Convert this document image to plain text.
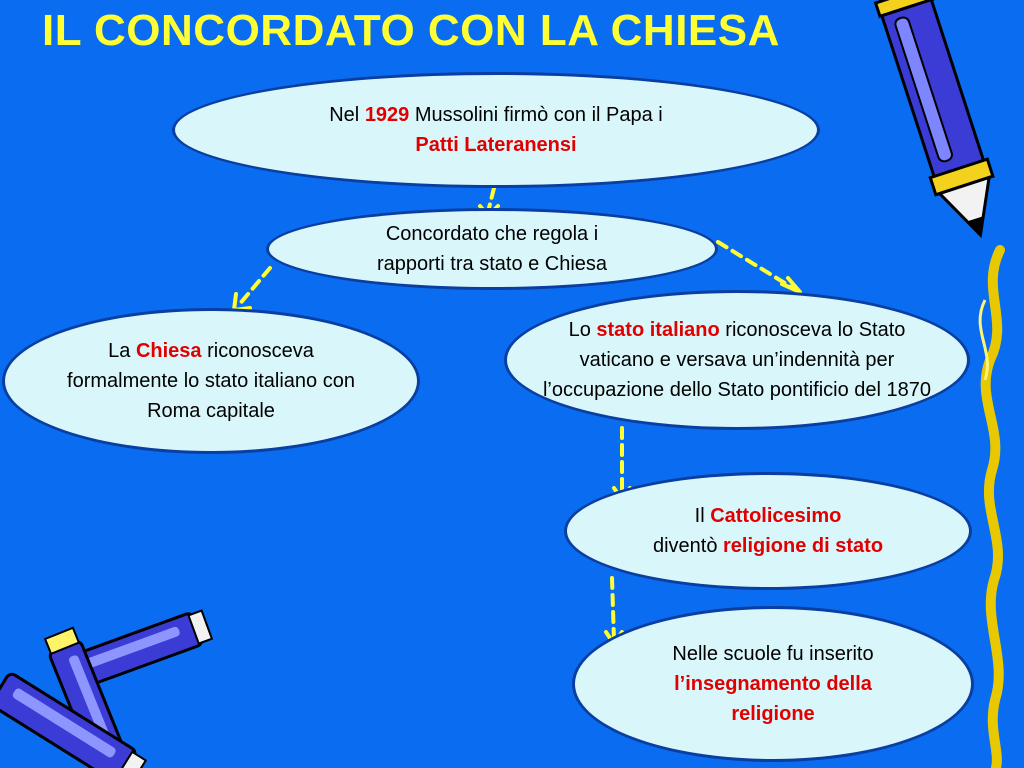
IL CONCORDATO CON LA CHIESA
Nel 1929 Mussolini firmò con il Papa i
Patti Lateranensi
Concordato che regola i
rapporti tra stato e Chiesa
La Chiesa riconosceva formalmente lo stato italiano con Roma capitale
Lo stato italiano riconosceva lo Stato vaticano e versava un’indennità per l’occupazione dello Stato pontificio del 1870
Il Cattolicesimo
diventò religione di stato
Nelle scuole fu inserito
l’insegnamento della religione
